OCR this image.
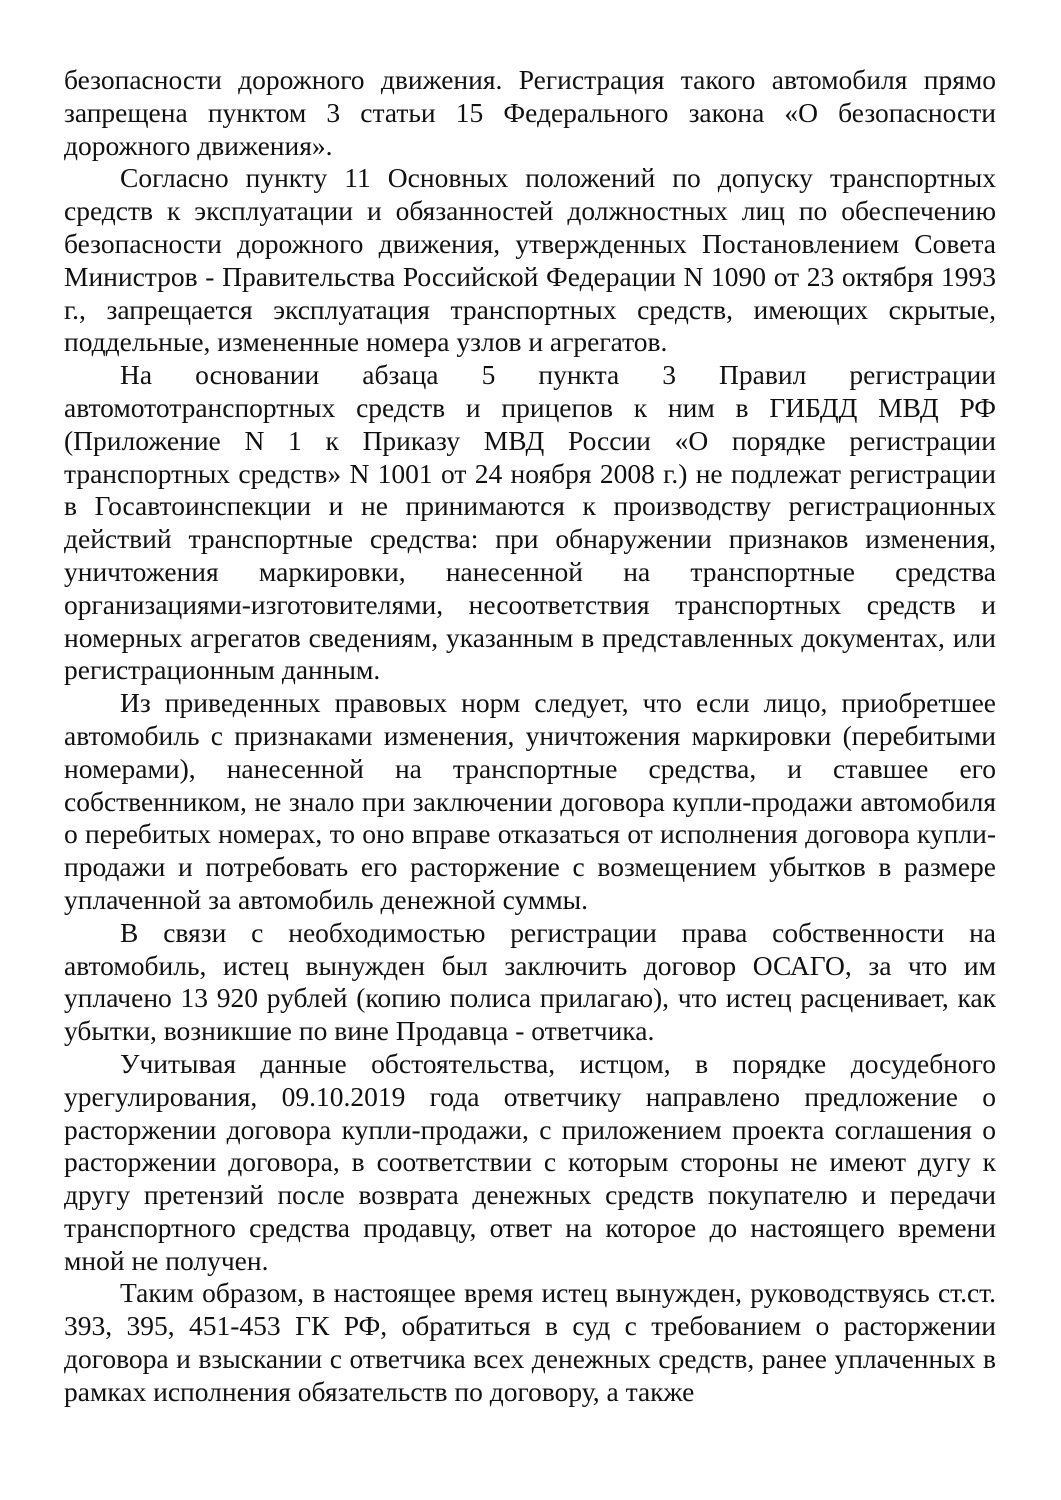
безопасности дорожного движения. Регистрация такого автомобиля прямо запрещена пунктом 3 статьи 15 Федерального закона «О безопасности дорожного движения».

Согласно пункту 11 Основных положений по допуску транспортных средств к эксплуатации и обязанностей должностных лиц по обеспечению безопасности дорожного движения, утвержденных Постановлением Совета Министров - Правительства Российской Федерации N 1090 от 23 октября 1993 г., запрещается эксплуатация транспортных средств, имеющих скрытые, поддельные, измененные номера узлов и агрегатов.

На основании абзаца 5 пункта 3 Правил регистрации автомототранспортных средств и прицепов к ним в ГИБДД МВД РФ (Приложение N 1 к Приказу МВД России «О порядке регистрации транспортных средств» N 1001 от 24 ноября 2008 г.) не подлежат регистрации в Госавтоинспекции и не принимаются к производству регистрационных действий транспортные средства: при обнаружении признаков изменения, уничтожения маркировки, нанесенной на транспортные средства организациями-изготовителями, несоответствия транспортных средств и номерных агрегатов сведениям, указанным в представленных документах, или регистрационным данным.

Из приведенных правовых норм следует, что если лицо, приобретшее автомобиль с признаками изменения, уничтожения маркировки (перебитыми номерами), нанесенной на транспортные средства, и ставшее его собственником, не знало при заключении договора купли-продажи автомобиля о перебитых номерах, то оно вправе отказаться от исполнения договора купли-продажи и потребовать его расторжение с возмещением убытков в размере уплаченной за автомобиль денежной суммы.

В связи с необходимостью регистрации права собственности на автомобиль, истец вынужден был заключить договор ОСАГО, за что им уплачено 13 920 рублей (копию полиса прилагаю), что истец расценивает, как убытки, возникшие по вине Продавца - ответчика.

Учитывая данные обстоятельства, истцом, в порядке досудебного урегулирования, 09.10.2019 года ответчику направлено предложение о расторжении договора купли-продажи, с приложением проекта соглашения о расторжении договора, в соответствии с которым стороны не имеют дугу к другу претензий после возврата денежных средств покупателю и передачи транспортного средства продавцу, ответ на которое до настоящего времени мной не получен.

Таким образом, в настоящее время истец вынужден, руководствуясь ст.ст. 393, 395, 451-453 ГК РФ, обратиться в суд с требованием о расторжении договора и взыскании с ответчика всех денежных средств, ранее уплаченных в рамках исполнения обязательств по договору, а также
